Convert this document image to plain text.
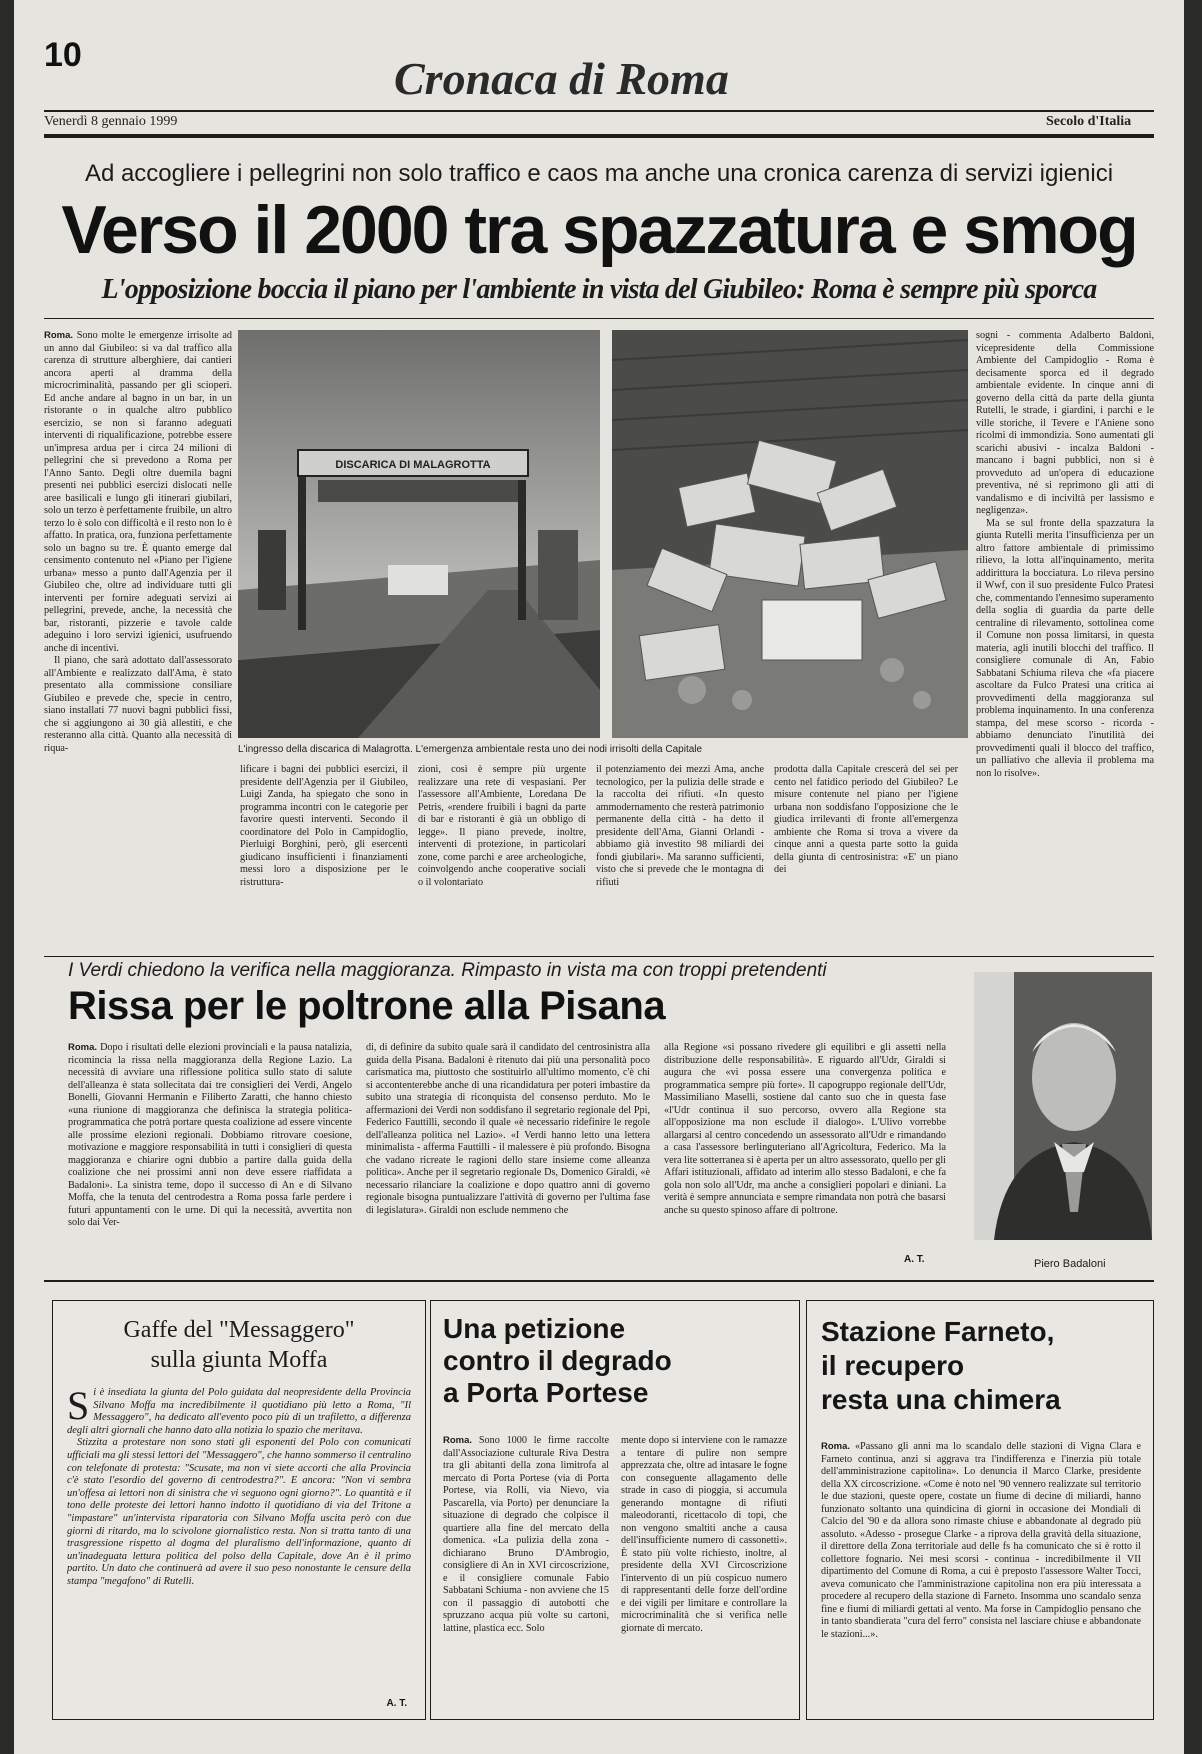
10	Cronaca di Roma
Venerdì 8 gennaio 1999	Secolo d'Italia
Ad accogliere i pellegrini non solo traffico e caos ma anche una cronica carenza di servizi igienici
Verso il 2000 tra spazzatura e smog
L'opposizione boccia il piano per l'ambiente in vista del Giubileo: Roma è sempre più sporca
Roma. Sono molte le emergenze irrisolte ad un anno dal Giubileo: si va dal traffico alla carenza di strutture alberghiere, dai cantieri ancora aperti al dramma della microcriminalità, passando per gli scioperi. Ed anche andare al bagno in un bar, in un ristorante o in qualche altro pubblico esercizio, se non si faranno adeguati interventi di riqualificazione, potrebbe essere un'impresa ardua per i circa 24 milioni di pellegrini che si prevedono a Roma per l'Anno Santo. Degli oltre duemila bagni presenti nei pubblici esercizi dislocati nelle aree basilicali e lungo gli itinerari giubilari, solo un terzo è perfettamente fruibile, un altro terzo lo è solo con difficoltà e il resto non lo è affatto. In pratica, ora, funziona perfettamente solo un bagno su tre. È quanto emerge dal censimento contenuto nel «Piano per l'igiene urbana» messo a punto dall'Agenzia per il Giubileo che, oltre ad individuare tutti gli interventi per fornire adeguati servizi ai pellegrini, prevede, anche, la necessità che bar, ristoranti, pizzerie e tavole calde adeguino i loro servizi igienici, usufruendo anche di incentivi.

Il piano, che sarà adottato dall'assessorato all'Ambiente e realizzato dall'Ama, è stato presentato alla commissione consiliare Giubileo e prevede che, specie in centro, siano installati 77 nuovi bagni pubblici fissi, che si aggiungono ai 30 già allestiti, e che resteranno alla città. Quanto alla necessità di riqua-

DISCARICA DI MALAGROTTA
L'ingresso della discarica di Malagrotta. L'emergenza ambientale resta uno dei nodi irrisolti della Capitale
lificare i bagni dei pubblici esercizi, il presidente dell'Agenzia per il Giubileo, Luigi Zanda, ha spiegato che sono in programma incontri con le categorie per favorire questi interventi. Secondo il coordinatore del Polo in Campidoglio, Pierluigi Borghini, però, gli esercenti giudicano insufficienti i finanziamenti messi loro a disposizione per le ristruttura-
zioni, così è sempre più urgente realizzare una rete di vespasiani. Per l'assessore all'Ambiente, Loredana De Petris, «rendere fruibili i bagni da parte di bar e ristoranti è già un obbligo di legge». Il piano prevede, inoltre, interventi di protezione, in particolari zone, come parchi e aree archeologiche, coinvolgendo anche cooperative sociali o il volontariato
il potenziamento dei mezzi Ama, anche tecnologico, per la pulizia delle strade e la raccolta dei rifiuti. «In questo ammodernamento che resterà patrimonio permanente della città - ha detto il presidente dell'Ama, Gianni Orlandi - abbiamo già investito 98 miliardi dei fondi giubilari». Ma saranno sufficienti, visto che si prevede che le montagna di rifiuti
prodotta dalla Capitale crescerà del sei per cento nel fatidico periodo del Giubileo? Le misure contenute nel piano per l'igiene urbana non soddisfano l'opposizione che le giudica irrilevanti di fronte all'emergenza ambiente che Roma si trova a vivere da cinque anni a questa parte sotto la guida della giunta di centrosinistra: «E' un piano dei
sogni - commenta Adalberto Baldoni, vicepresidente della Commissione Ambiente del Campidoglio - Roma è decisamente sporca ed il degrado ambientale evidente. In cinque anni di governo della città da parte della giunta Rutelli, le strade, i giardini, i parchi e le ville storiche, il Tevere e l'Aniene sono ricolmi di immondizia. Sono aumentati gli scarichi abusivi - incalza Baldoni - mancano i bagni pubblici, non si è provveduto ad un'opera di educazione preventiva, né si reprimono gli atti di vandalismo e di inciviltà per lassismo e negligenza».

Ma se sul fronte della spazzatura la giunta Rutelli merita l'insufficienza per un altro fattore ambientale di primissimo rilievo, la lotta all'inquinamento, merita addirittura la bocciatura. Lo rileva persino il Wwf, con il suo presidente Fulco Pratesi che, commentando l'ennesimo superamento della soglia di guardia da parte delle centraline di rilevamento, sottolinea come il Comune non possa limitarsi, in questa materia, agli inutili blocchi del traffico. Il consigliere comunale di An, Fabio Sabbatani Schiuma rileva che «fa piacere ascoltare da Fulco Pratesi una critica ai provvedimenti della maggioranza sul problema inquinamento. In una conferenza stampa, del mese scorso - ricorda - abbiamo denunciato l'inutilità dei provvedimenti quali il blocco del traffico, un palliativo che allevia il problema ma non lo risolve».

I Verdi chiedono la verifica nella maggioranza. Rimpasto in vista ma con troppi pretendenti
Rissa per le poltrone alla Pisana
Roma. Dopo i risultati delle elezioni provinciali e la pausa natalizia, ricomincia la rissa nella maggioranza della Regione Lazio. La necessità di avviare una riflessione politica sullo stato di salute dell'alleanza è stata sollecitata dai tre consiglieri dei Verdi, Angelo Bonelli, Giovanni Hermanin e Filiberto Zaratti, che hanno chiesto «una riunione di maggioranza che definisca la strategia politica-programmatica che potrà portare questa coalizione ad essere vincente alle prossime elezioni regionali. Dobbiamo ritrovare coesione, motivazione e maggiore responsabilità in tutti i consiglieri di questa maggioranza e chiarire ogni dubbio a partire dalla guida della coalizione che nei prossimi anni non deve essere riaffidata a Badaloni». La sinistra teme, dopo il successo di An e di Silvano Moffa, che la tenuta del centrodestra a Roma possa farle perdere i futuri appuntamenti con le urne. Di qui la necessità, avvertita non solo dai Ver-
di, di definire da subito quale sarà il candidato del centrosinistra alla guida della Pisana. Badaloni è ritenuto dai più una personalità poco carismatica ma, piuttosto che sostituirlo all'ultimo momento, c'è chi si accontenterebbe anche di una ricandidatura per poteri imbastire da subito una strategia di riconquista del consenso perduto. Mo le affermazioni dei Verdi non soddisfano il segretario regionale del Ppi, Federico Fauttilli, secondo il quale «è necessario ridefinire le regole dell'alleanza politica nel Lazio». «I Verdi hanno letto una lettera minimalista - afferma Fauttilli - il malessere è più profondo. Bisogna che vadano ricreate le ragioni dello stare insieme come alleanza politica». Anche per il segretario regionale Ds, Domenico Giraldi, «è necessario rilanciare la coalizione e dopo quattro anni di governo regionale bisogna puntualizzare l'attività di governo per l'ultima fase di legislatura». Giraldi non esclude nemmeno che
alla Regione «si possano rivedere gli equilibri e gli assetti nella distribuzione delle responsabilità». E riguardo all'Udr, Giraldi si augura che «vi possa essere una convergenza politica e programmatica sempre più forte». Il capogruppo regionale dell'Udr, Massimiliano Maselli, sostiene dal canto suo che in questa fase «l'Udr continua il suo percorso, ovvero alla Regione sta all'opposizione ma non esclude il dialogo». L'Ulivo vorrebbe allargarsi al centro concedendo un assessorato all'Udr e rimandando a casa l'assessore berlinguteriano all'Agricoltura, Federico. Ma la vera lite sotterranea si è aperta per un altro assessorato, quello per gli Affari istituzionali, affidato ad interim allo stesso Badaloni, e che fa gola non solo all'Udr, ma anche a consiglieri popolari e diniani. La verità è sempre annunciata e sempre rimandata non potrà che basarsi anche su questo spinoso affare di poltrone.
A. T.	Piero Badaloni
Gaffe del "Messaggero"
sulla giunta Moffa
S i è insediata la giunta del Polo guidata dal neopresidente della Provincia Silvano Moffa ma incredibilmente il quotidiano più letto a Roma, "Il Messaggero", ha dedicato all'evento poco più di un trafiletto, a differenza degli altri giornali che hanno dato alla notizia lo spazio che meritava.

Stizzita a protestare non sono stati gli esponenti del Polo con comunicati ufficiali ma gli stessi lettori del "Messaggero", che hanno sommerso il centralino con telefonate di protesta: "Scusate, ma non vi siete accorti che alla Provincia c'è stato l'esordio del governo di centrodestra?". E ancora: "Non vi sembra un'offesa ai lettori non di sinistra che vi seguono ogni giorno?". Lo quantità e il tono delle proteste dei lettori hanno indotto il quotidiano di via del Tritone a "impastare" un'intervista riparatoria con Silvano Moffa uscita però con due giorni di ritardo, ma lo scivolone giornalistico resta. Non si tratta tanto di una trasgressione rispetto al dogma del pluralismo dell'informazione, quanto di un'inadeguata lettura politica del polso della Capitale, dove An è il primo partito. Un dato che continuerà ad avere il suo peso nonostante le censure della stampa "megafono" di Rutelli.

A. T.
Una petizione
contro il degrado
a Porta Portese
Roma. Sono 1000 le firme raccolte dall'Associazione culturale Riva Destra tra gli abitanti della zona limitrofa al mercato di Porta Portese (via di Porta Portese, via Rolli, via Nievo, via Pascarella, via Porto) per denunciare la situazione di degrado che colpisce il quartiere alla fine del mercato della domenica. «La pulizia della zona - dichiarano Bruno D'Ambrogio, consigliere di An in XVI circoscrizione, e il consigliere comunale Fabio Sabbatani Schiuma - non avviene che 15 con il passaggio di autobotti che spruzzano acqua più volte su cartoni, lattine, plastica ecc. Solo
mente dopo si interviene con le ramazze a tentare di pulire non sempre apprezzata che, oltre ad intasare le fogne con conseguente allagamento delle strade in caso di pioggia, si accumula generando montagne di rifiuti maleodoranti, ricettacolo di topi, che non vengono smaltiti anche a causa dell'insufficiente numero di cassonetti». È stato più volte richiesto, inoltre, al presidente della XVI Circoscrizione l'intervento di un più cospicuo numero di rappresentanti delle forze dell'ordine e dei vigili per limitare e controllare la microcriminalità che si verifica nelle giornate di mercato.
Stazione Farneto,
il recupero
resta una chimera
Roma. «Passano gli anni ma lo scandalo delle stazioni di Vigna Clara e Farneto continua, anzi si aggrava tra l'indifferenza e l'inerzia più totale dell'amministrazione capitolina». Lo denuncia il Marco Clarke, presidente della XX circoscrizione. «Come è noto nel '90 vennero realizzate sul territorio le due stazioni, queste opere, costate un fiume di decine di miliardi, hanno funzionato soltanto una quindicina di giorni in occasione dei Mondiali di Calcio del '90 e da allora sono rimaste chiuse e abbandonate al degrado più assoluto. «Adesso - prosegue Clarke - a riprova della gravità della situazione, il direttore della Zona territoriale aud delle fs ha comunicato che si è rotto il collettore fognario. Nei mesi scorsi - continua - incredibilmente il VII dipartimento del Comune di Roma, a cui è preposto l'assessore Walter Tocci, aveva comunicato che l'amministrazione capitolina non era più interessata a procedere al recupero della stazione di Farneto. Insomma uno scandalo senza fine e fiumi di miliardi gettati al vento. Ma forse in Campidoglio pensano che in tanto sbandierata "cura del ferro" consista nel lasciare chiuse e abbandonate le stazioni...».
